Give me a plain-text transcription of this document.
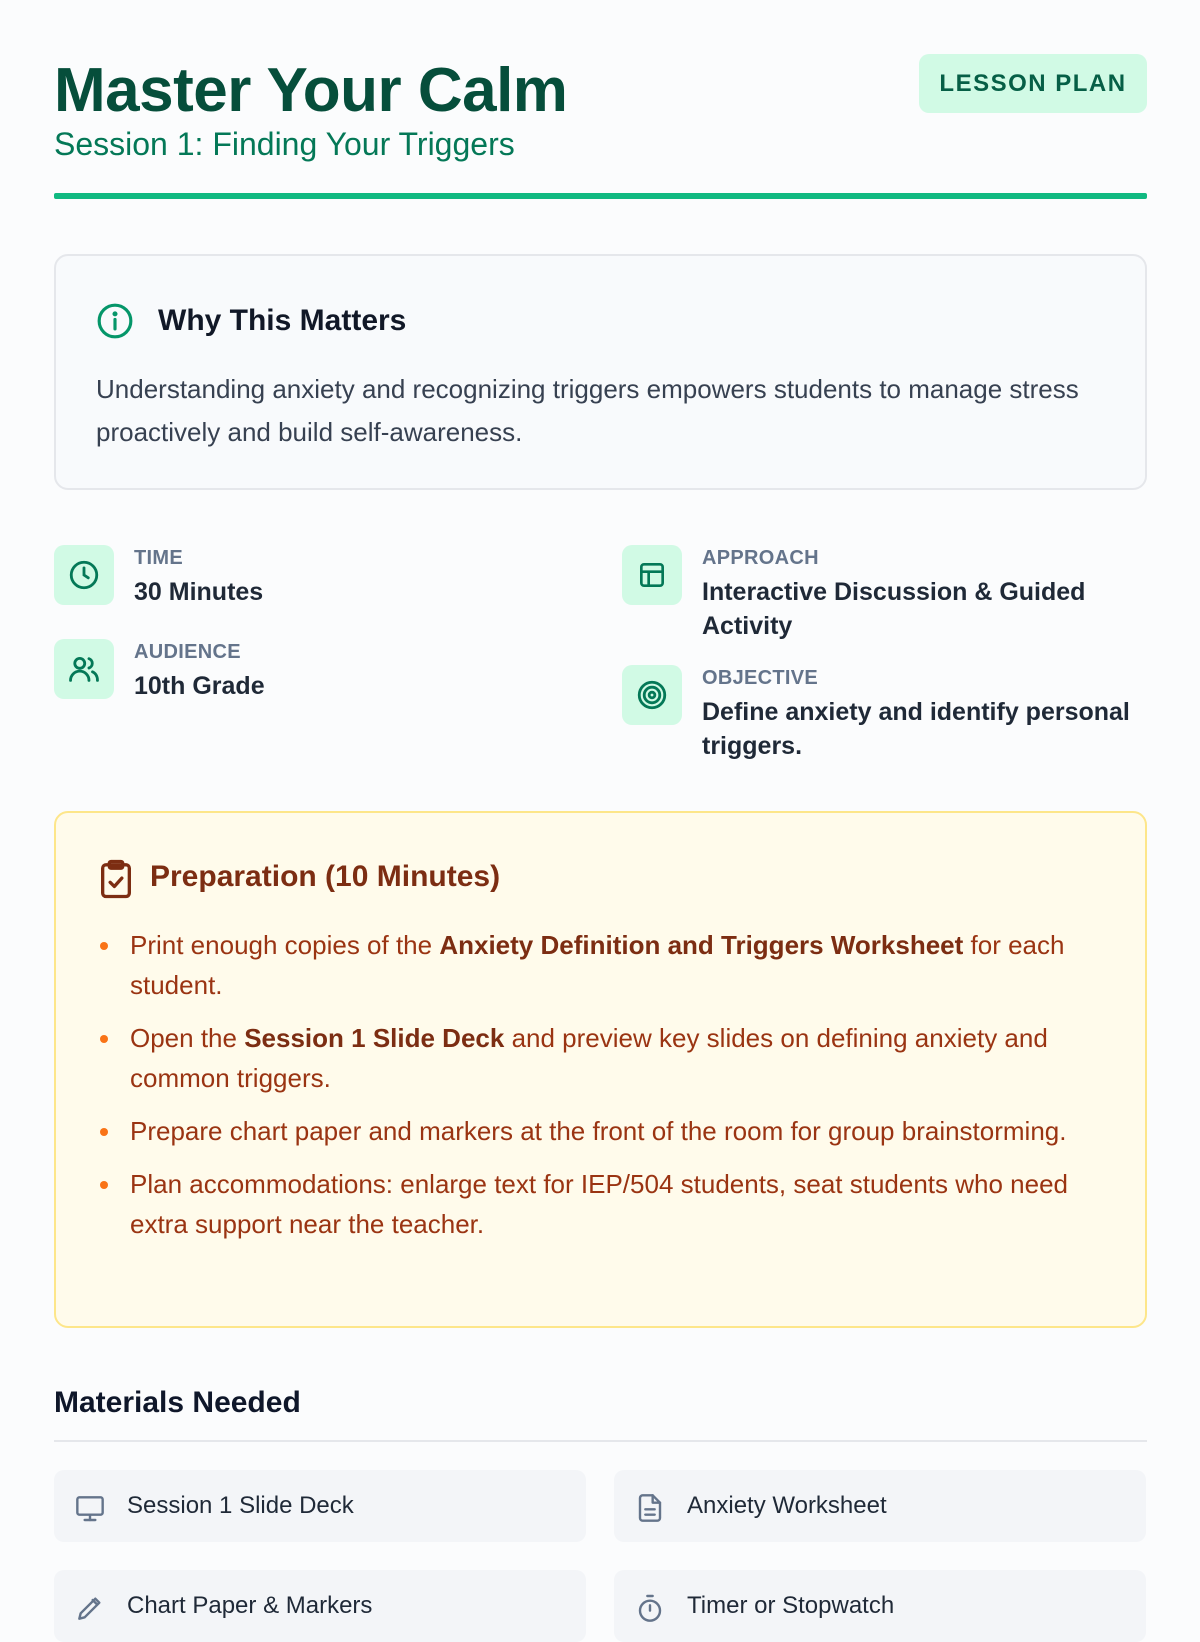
Master Your Calm
Session 1: Finding Your Triggers
LESSON PLAN
Why This Matters

Understanding anxiety and recognizing triggers empowers students to manage stress proactively and build self-awareness.

TIME
30 Minutes
AUDIENCE
10th Grade
APPROACH
Interactive Discussion & Guided Activity
OBJECTIVE
Define anxiety and identify personal triggers.
Preparation (10 Minutes)
Print enough copies of the Anxiety Definition and Triggers Worksheet for each student.
Open the Session 1 Slide Deck and preview key slides on defining anxiety and common triggers.
Prepare chart paper and markers at the front of the room for group brainstorming.
Plan accommodations: enlarge text for IEP/504 students, seat students who need extra support near the teacher.
Materials Needed
Session 1 Slide Deck	Anxiety Worksheet
Chart Paper & Markers	Timer or Stopwatch
